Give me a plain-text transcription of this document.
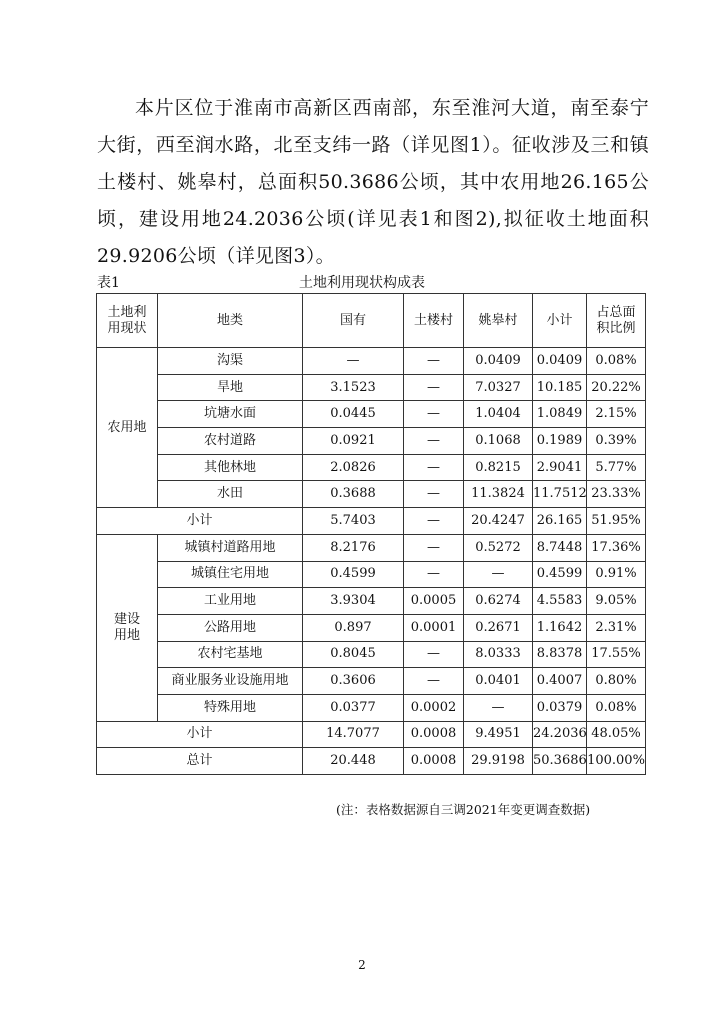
本片区位于淮南市高新区西南部，东至淮河大道，南至泰宁大街，西至润水路，北至支纬一路（详见图1）。征收涉及三和镇土楼村、姚皋村，总面积50.3686公顷，其中农用地26.165公顷，建设用地24.2036公顷(详见表1和图2),拟征收土地面积29.9206公顷（详见图3）。

表1	土地利用现状构成表
土地利用现状	地类	国有	土楼村	姚皋村	小计	占总面积比例
农用地	沟渠	—	—	0.0409	0.0409	0.08%
	旱地	3.1523	—	7.0327	10.185	20.22%
	坑塘水面	0.0445	—	1.0404	1.0849	2.15%
	农村道路	0.0921	—	0.1068	0.1989	0.39%
	其他林地	2.0826	—	0.8215	2.9041	5.77%
	水田	0.3688	—	11.3824	11.7512	23.33%
小计		5.7403	—	20.4247	26.165	51.95%
建设用地	城镇村道路用地	8.2176	—	0.5272	8.7448	17.36%
	城镇住宅用地	0.4599	—	—	0.4599	0.91%
	工业用地	3.9304	0.0005	0.6274	4.5583	9.05%
	公路用地	0.897	0.0001	0.2671	1.1642	2.31%
	农村宅基地	0.8045	—	8.0333	8.8378	17.55%
	商业服务业设施用地	0.3606	—	0.0401	0.4007	0.80%
	特殊用地	0.0377	0.0002	—	0.0379	0.08%
小计		14.7077	0.0008	9.4951	24.2036	48.05%
总计		20.448	0.0008	29.9198	50.3686	100.00%
(注：表格数据源自三调2021年变更调查数据)
2
